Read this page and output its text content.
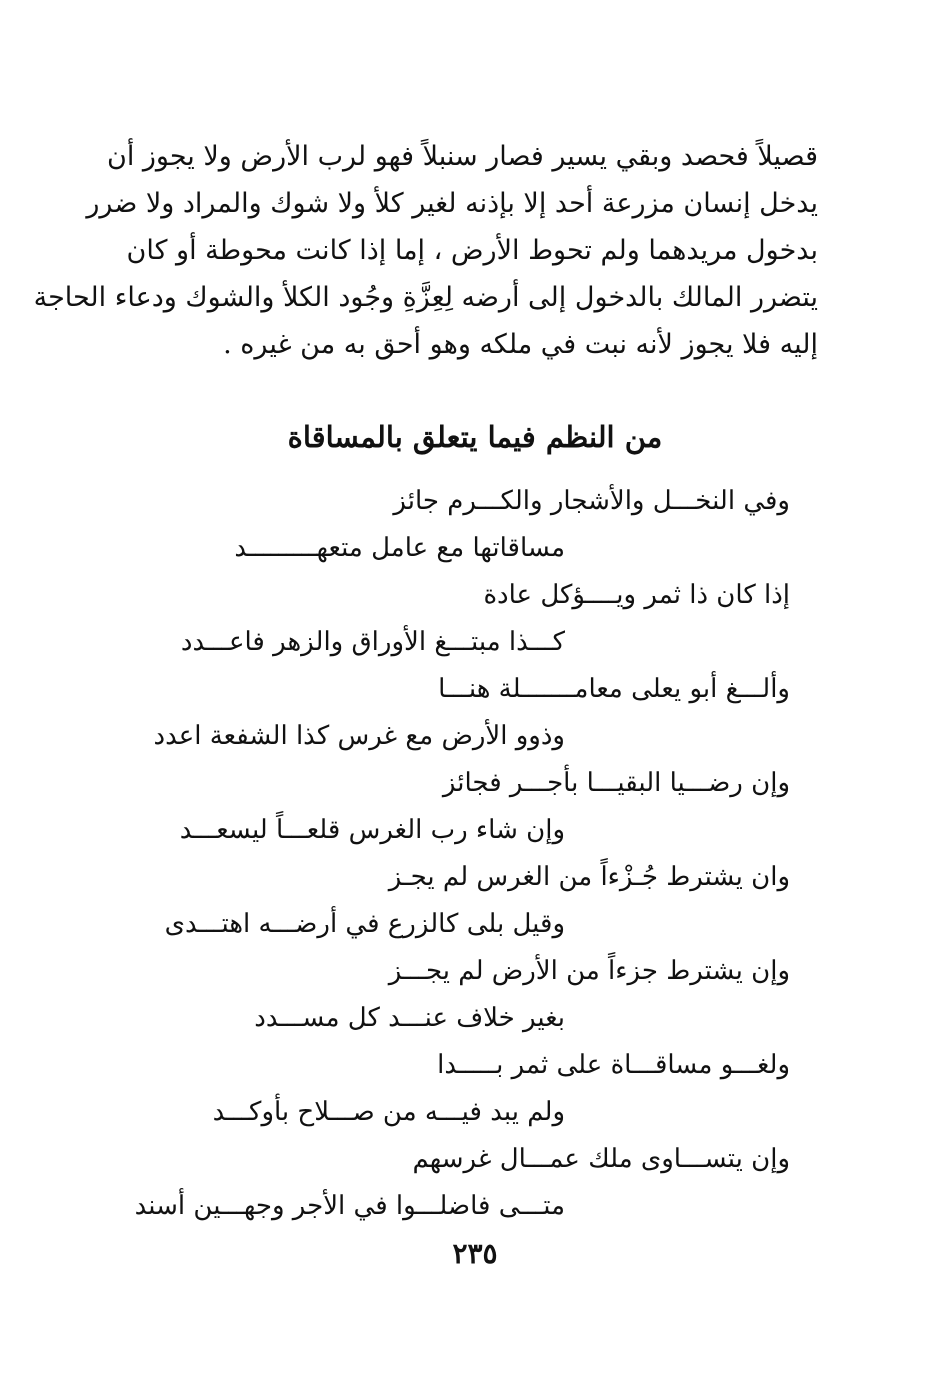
قصيلاً فحصد وبقي يسير فصار سنبلاً فهو لرب الأرض ولا يجوز أن
يدخل إنسان مزرعة أحد إلا بإذنه لغير كلأ ولا شوك والمراد ولا ضرر
بدخول مريدهما ولم تحوط الأرض ، إما إذا كانت محوطة أو كان
يتضرر المالك بالدخول إلى أرضه لِعِزَّةِ وجُود الكلأ والشوك ودعاء الحاجة
إليه فلا يجوز لأنه نبت في ملكه وهو أحق به من غيره .
من النظم فيما يتعلق بالمساقاة
وفي النخـــل والأشجار والكـــرم جائز
مساقاتها مع عامل متعهـــــــــد
إذا كان ذا ثمر ويــــؤكل عادة
كـــذا مبتـــغ الأوراق والزهر فاعـــدد
وألـــغ أبو يعلى معامـــــــلة هنـــا
وذوو الأرض مع غرس كذا الشفعة اعدد
وإن رضـــيا البقيـــا بأجـــر فجائز
وإن شاء رب الغرس قلعـــاً ليسعـــد
وان يشترط جُـزْءاً من الغرس لم يجـز
وقيل بلى كالزرع في أرضـــه اهتـــدى
وإن يشترط جزءاً من الأرض لم يجـــز
بغير خلاف عنـــد كل مســـدد
ولغـــو مساقـــاة على ثمر بـــــدا
ولم يبد فيـــه من صـــلاح بأوكـــد
وإن يتســـاوى ملك عمـــال غرسهم
متـــى فاضلـــوا في الأجر وجهـــين أسند
٢٣٥
